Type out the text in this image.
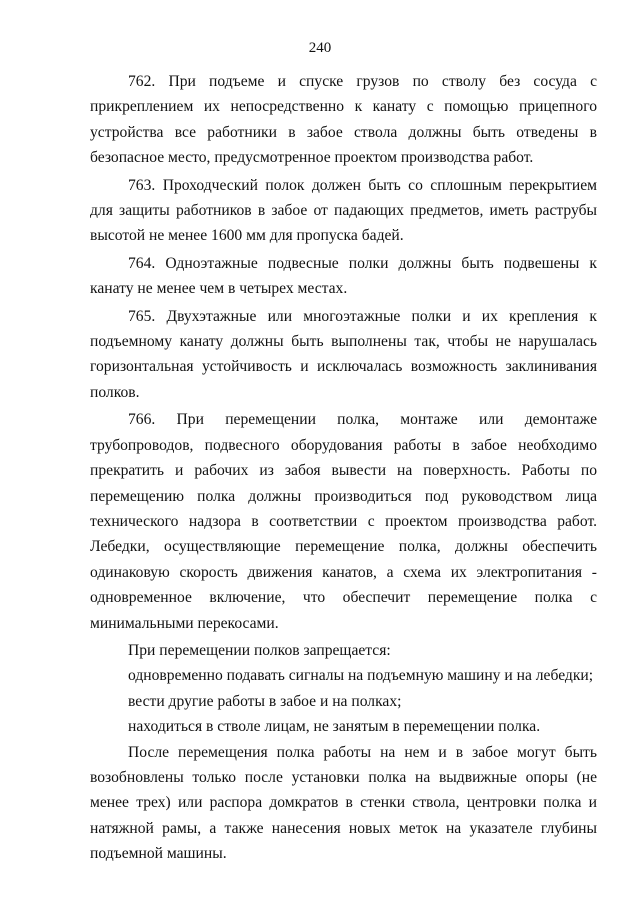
240

762. При подъеме и спуске грузов по стволу без сосуда с прикреплением их непосредственно к канату с помощью прицепного устройства все работники в забое ствола должны быть отведены в безопасное место, предусмотренное проектом производства работ.

763. Проходческий полок должен быть со сплошным перекрытием для защиты работников в забое от падающих предметов, иметь раструбы высотой не менее 1600 мм для пропуска бадей.

764. Одноэтажные подвесные полки должны быть подвешены к канату не менее чем в четырех местах.

765. Двухэтажные или многоэтажные полки и их крепления к подъемному канату должны быть выполнены так, чтобы не нарушалась горизонтальная устойчивость и исключалась возможность заклинивания полков.

766. При перемещении полка, монтаже или демонтаже трубопроводов, подвесного оборудования работы в забое необходимо прекратить и рабочих из забоя вывести на поверхность. Работы по перемещению полка должны производиться под руководством лица технического надзора в соответствии с проектом производства работ. Лебедки, осуществляющие перемещение полка, должны обеспечить одинаковую скорость движения канатов, а схема их электропитания - одновременное включение, что обеспечит перемещение полка с минимальными перекосами.

При перемещении полков запрещается:

одновременно подавать сигналы на подъемную машину и на лебедки;

вести другие работы в забое и на полках;

находиться в стволе лицам, не занятым в перемещении полка.

После перемещения полка работы на нем и в забое могут быть возобновлены только после установки полка на выдвижные опоры (не менее трех) или распора домкратов в стенки ствола, центровки полка и натяжной рамы, а также нанесения новых меток на указателе глубины подъемной машины.
